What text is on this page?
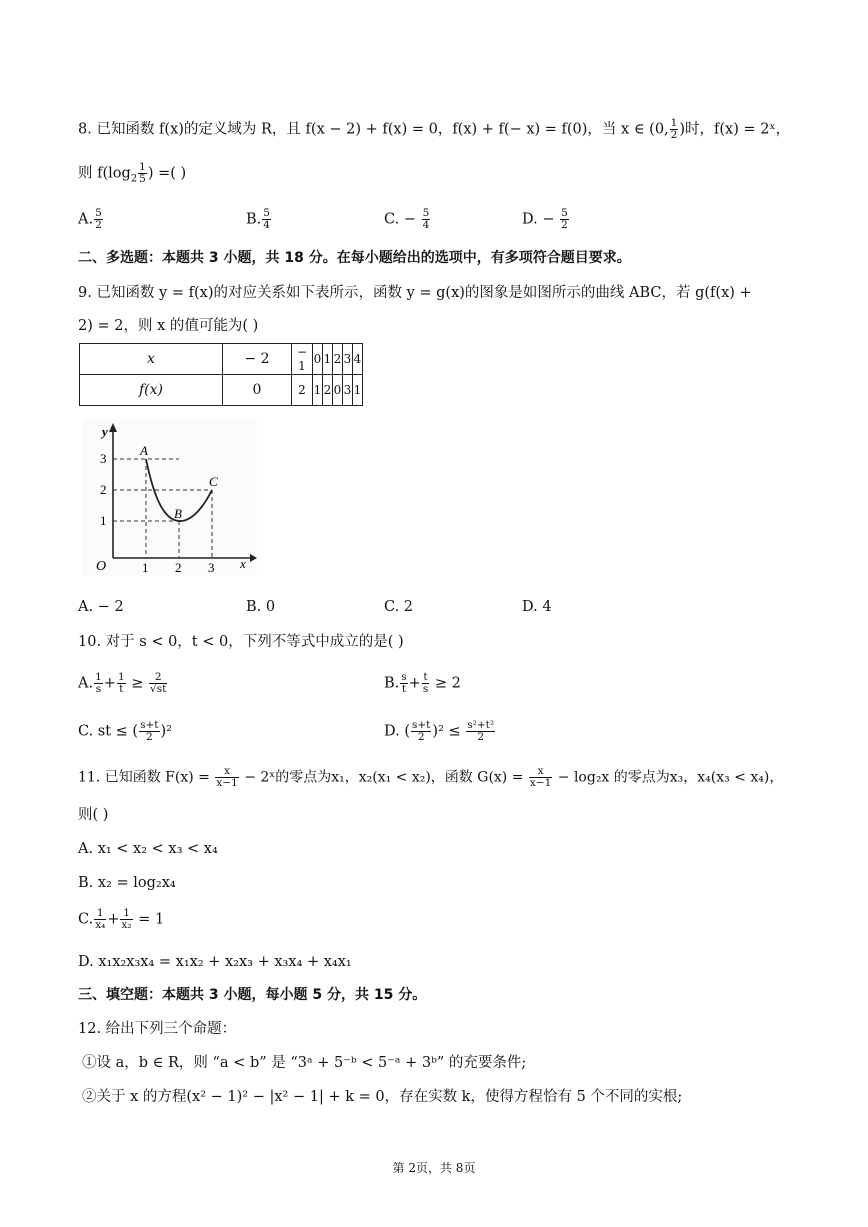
8. 已知函数 f(x)的定义域为 R，且 f(x − 2) + f(x) = 0，f(x) + f(− x) = f(0)，当 x ∈ (0, $\frac{1}{2}$ )时，f(x) = 2ˣ，
则 $f(\log_2 \frac{1}{5}$ ) =( )
A. $\frac{5}{2}$	B. $\frac{5}{4}$	C. − $\frac{5}{4}$	D. − $\frac{5}{2}$
二、多选题：本题共 3 小题，共 18 分。在每小题给出的选项中，有多项符合题目要求。
9. 已知函数 y = f(x)的对应关系如下表所示，函数 y = g(x)的图象是如图所示的曲线 ABC，若 g(f(x) +
2) = 2，则 x 的值可能为( )
x	− 2	− 1	0	1	2	3	4
f(x)	0	2	1	2	0	3	1
y
x
O
3
2
1
1 2 3
A
B
C
A. − 2	B. 0	C. 2	D. 4
10. 对于 s < 0，t < 0，下列不等式中成立的是( )
A. $\frac{1}{s} + \frac{1}{t} \ge \frac{2}{√st}$	B. $\frac{s}{t} + \frac{t}{s} \ge 2$
C. st ≤ ( $\frac{s+t}{2} )^2$	D. ( $\frac{s+t}{2} )^2 \le \frac{\text{s²+t²}}{2}$
11. 已知函数 $F(x) = \frac{x}{x-1}$ − 2ˣ的零点为x₁，x₂(x₁ < x₂)，函数 $G(x) = \frac{x}{x-1} - \log_2x$ 的零点为x₃，x₄(x₃ < x₄)，
则( )
A. x₁ < x₂ < x₃ < x₄
B. x₂ = log₂x₄
C. $\frac{1}{\text{x₄}} + \frac{1}{\text{x₂}} = 1$
D. x₁x₂x₃x₄ = x₁x₂ + x₂x₃ + x₃x₄ + x₄x₁
三、填空题：本题共 3 小题，每小题 5 分，共 15 分。
12. 给出下列三个命题：
①设 a，b ∈ R，则 “a < b” 是 “3ᵃ + 5⁻ᵇ < 5⁻ᵃ + 3ᵇ” 的充要条件;
②关于 x 的方程(x² − 1)² − |x² − 1| + k = 0，存在实数 k，使得方程恰有 5 个不同的实根;
第 2页，共 8页
